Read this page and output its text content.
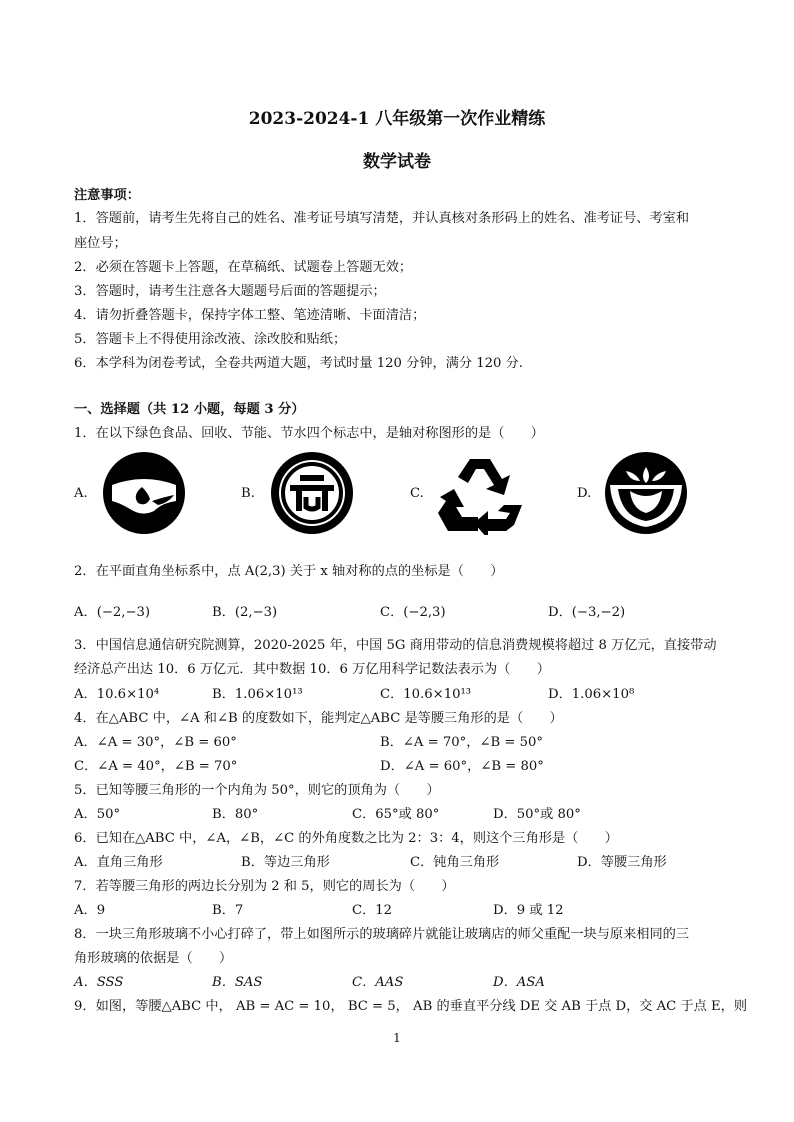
2023-2024-1 八年级第一次作业精练
数学试卷
注意事项：
1．答题前，请考生先将自己的姓名、准考证号填写清楚，并认真核对条形码上的姓名、准考证号、考室和
座位号；
2．必须在答题卡上答题，在草稿纸、试题卷上答题无效；
3．答题时，请考生注意各大题题号后面的答题提示；
4．请勿折叠答题卡，保持字体工整、笔迹清晰、卡面清洁；
5．答题卡上不得使用涂改液、涂改胶和贴纸；
6．本学科为闭卷考试，全卷共两道大题，考试时量 120 分钟，满分 120 分.
一、选择题（共 12 小题，每题 3 分）
1．在以下绿色食品、回收、节能、节水四个标志中，是轴对称图形的是（　　）
A.	B.	C.	D.
2．在平面直角坐标系中，点 A(2,3) 关于 x 轴对称的点的坐标是（　　）
A．(−2,−3)	B．(2,−3)	C．(−2,3)	D．(−3,−2)
3．中国信息通信研究院测算，2020-2025 年，中国 5G 商用带动的信息消费规模将超过 8 万亿元，直接带动
经济总产出达 10．6 万亿元．其中数据 10．6 万亿用科学记数法表示为（　　）
A．10.6×10⁴	B．1.06×10¹³	C．10.6×10¹³	D．1.06×10⁸
4．在△ABC 中，∠A 和∠B 的度数如下，能判定△ABC 是等腰三角形的是（　　）
A．∠A = 30°，∠B = 60°	B．∠A = 70°，∠B = 50°
C．∠A = 40°，∠B = 70°	D．∠A = 60°，∠B = 80°
5．已知等腰三角形的一个内角为 50°，则它的顶角为（　　）
A．50°	B．80°	C．65°或 80°	D．50°或 80°
6．已知在△ABC 中，∠A，∠B，∠C 的外角度数之比为 2：3：4，则这个三角形是（　　）
A．直角三角形	B．等边三角形	C．钝角三角形	D．等腰三角形
7．若等腰三角形的两边长分别为 2 和 5，则它的周长为（　　）
A．9	B．7	C．12	D．9 或 12
8．一块三角形玻璃不小心打碎了，带上如图所示的玻璃碎片就能让玻璃店的师父重配一块与原来相同的三
角形玻璃的依据是（　　）
A．SSS	B．SAS	C．AAS	D．ASA
9．如图，等腰△ABC 中， AB = AC = 10， BC = 5， AB 的垂直平分线 DE 交 AB 于点 D，交 AC 于点 E，则
1
